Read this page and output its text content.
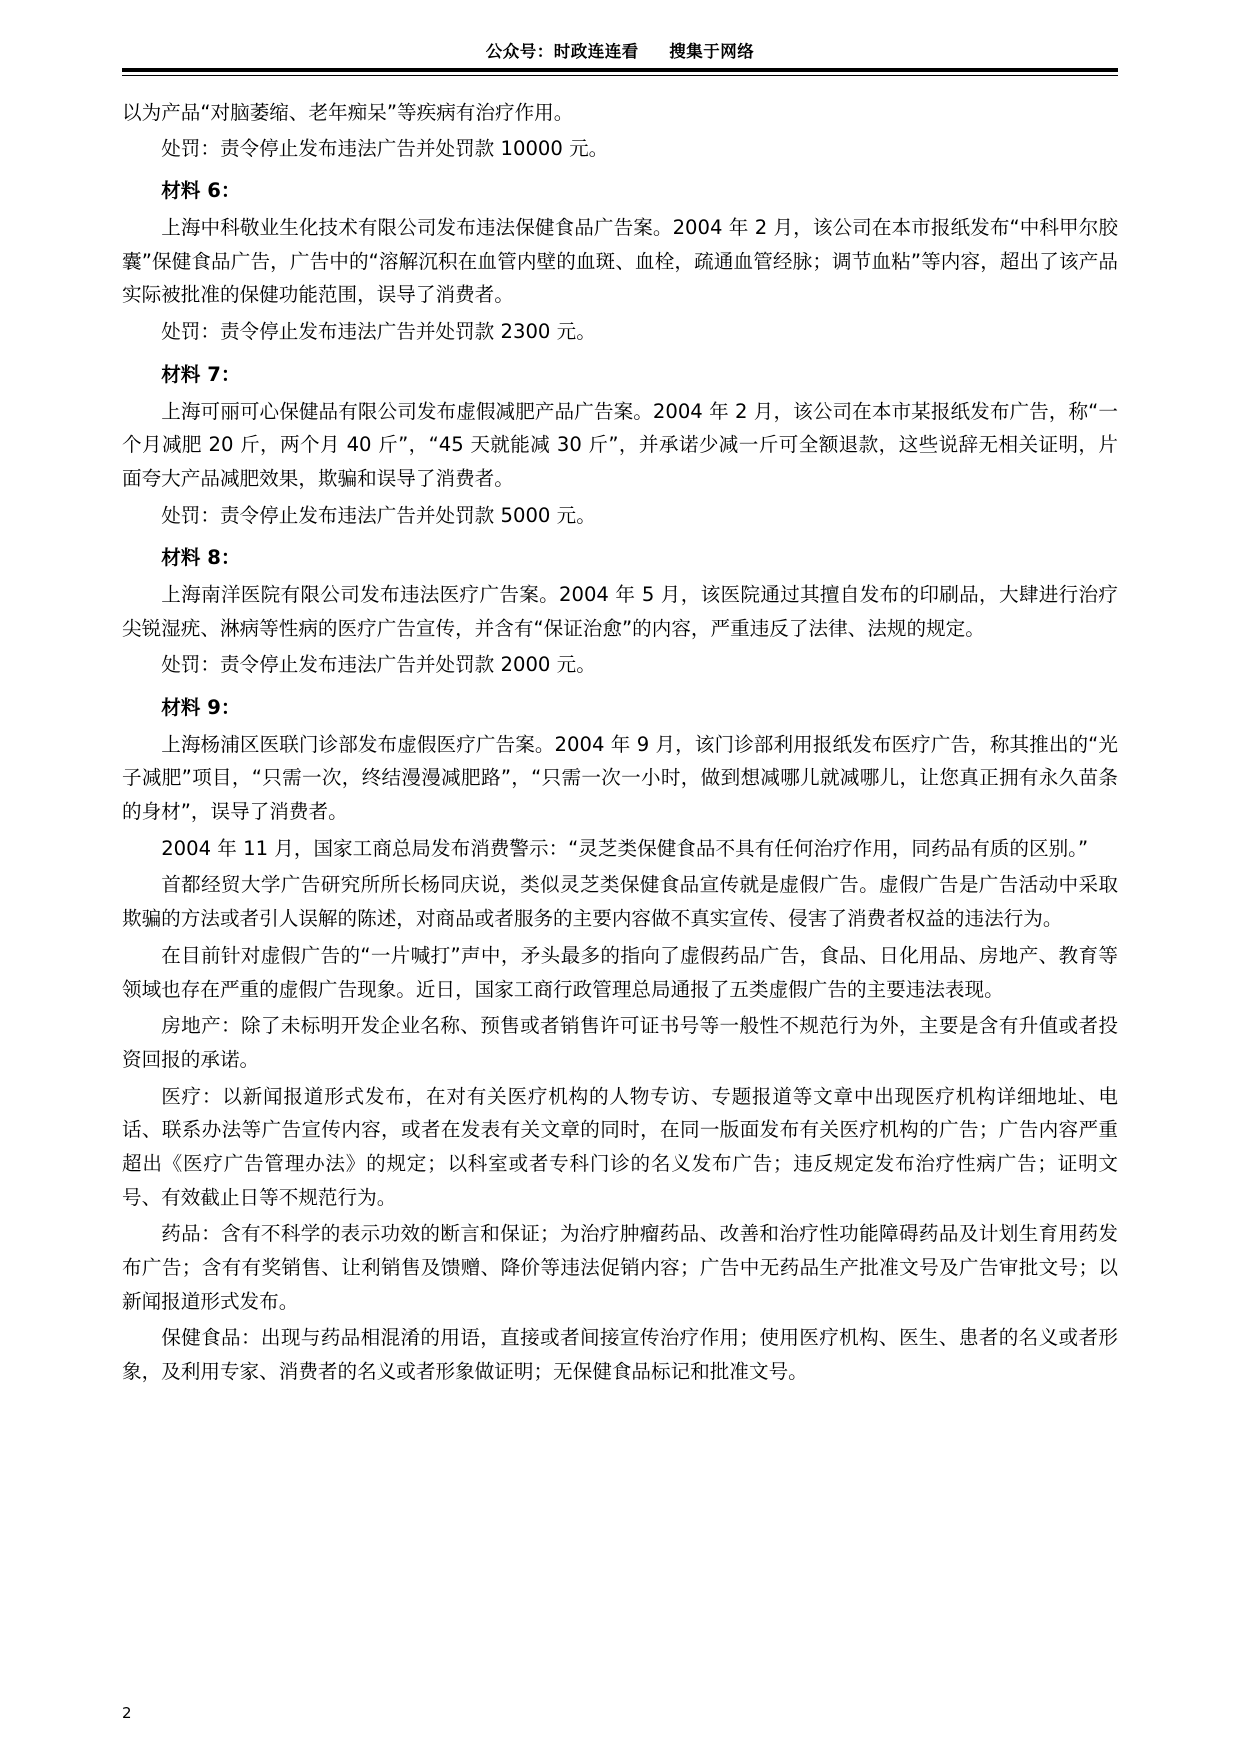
公众号：时政连连看 搜集于网络

以为产品“对脑萎缩、老年痴呆”等疾病有治疗作用。

处罚：责令停止发布违法广告并处罚款 10000 元。

材料 6：

上海中科敬业生化技术有限公司发布违法保健食品广告案。2004 年 2 月，该公司在本市报纸发布“中科甲尔胶囊”保健食品广告，广告中的“溶解沉积在血管内壁的血斑、血栓，疏通血管经脉；调节血粘”等内容，超出了该产品实际被批准的保健功能范围，误导了消费者。

处罚：责令停止发布违法广告并处罚款 2300 元。

材料 7：

上海可丽可心保健品有限公司发布虚假减肥产品广告案。2004 年 2 月，该公司在本市某报纸发布广告，称“一个月减肥 20 斤，两个月 40 斤”，“45 天就能减 30 斤”，并承诺少减一斤可全额退款，这些说辞无相关证明，片面夸大产品减肥效果，欺骗和误导了消费者。

处罚：责令停止发布违法广告并处罚款 5000 元。

材料 8：

上海南洋医院有限公司发布违法医疗广告案。2004 年 5 月，该医院通过其擅自发布的印刷品，大肆进行治疗尖锐湿疣、淋病等性病的医疗广告宣传，并含有“保证治愈”的内容，严重违反了法律、法规的规定。

处罚：责令停止发布违法广告并处罚款 2000 元。

材料 9：

上海杨浦区医联门诊部发布虚假医疗广告案。2004 年 9 月，该门诊部利用报纸发布医疗广告，称其推出的“光子减肥”项目，“只需一次，终结漫漫减肥路”，“只需一次一小时，做到想减哪儿就减哪儿，让您真正拥有永久苗条的身材”，误导了消费者。

2004 年 11 月，国家工商总局发布消费警示：“灵芝类保健食品不具有任何治疗作用，同药品有质的区别。”

首都经贸大学广告研究所所长杨同庆说，类似灵芝类保健食品宣传就是虚假广告。虚假广告是广告活动中采取欺骗的方法或者引人误解的陈述，对商品或者服务的主要内容做不真实宣传、侵害了消费者权益的违法行为。

在目前针对虚假广告的“一片喊打”声中，矛头最多的指向了虚假药品广告，食品、日化用品、房地产、教育等领域也存在严重的虚假广告现象。近日，国家工商行政管理总局通报了五类虚假广告的主要违法表现。

房地产：除了未标明开发企业名称、预售或者销售许可证书号等一般性不规范行为外，主要是含有升值或者投资回报的承诺。

医疗：以新闻报道形式发布，在对有关医疗机构的人物专访、专题报道等文章中出现医疗机构详细地址、电话、联系办法等广告宣传内容，或者在发表有关文章的同时，在同一版面发布有关医疗机构的广告；广告内容严重超出《医疗广告管理办法》的规定；以科室或者专科门诊的名义发布广告；违反规定发布治疗性病广告；证明文号、有效截止日等不规范行为。

药品：含有不科学的表示功效的断言和保证；为治疗肿瘤药品、改善和治疗性功能障碍药品及计划生育用药发布广告；含有有奖销售、让利销售及馈赠、降价等违法促销内容；广告中无药品生产批准文号及广告审批文号；以新闻报道形式发布。

保健食品：出现与药品相混淆的用语，直接或者间接宣传治疗作用；使用医疗机构、医生、患者的名义或者形象，及利用专家、消费者的名义或者形象做证明；无保健食品标记和批准文号。

2
